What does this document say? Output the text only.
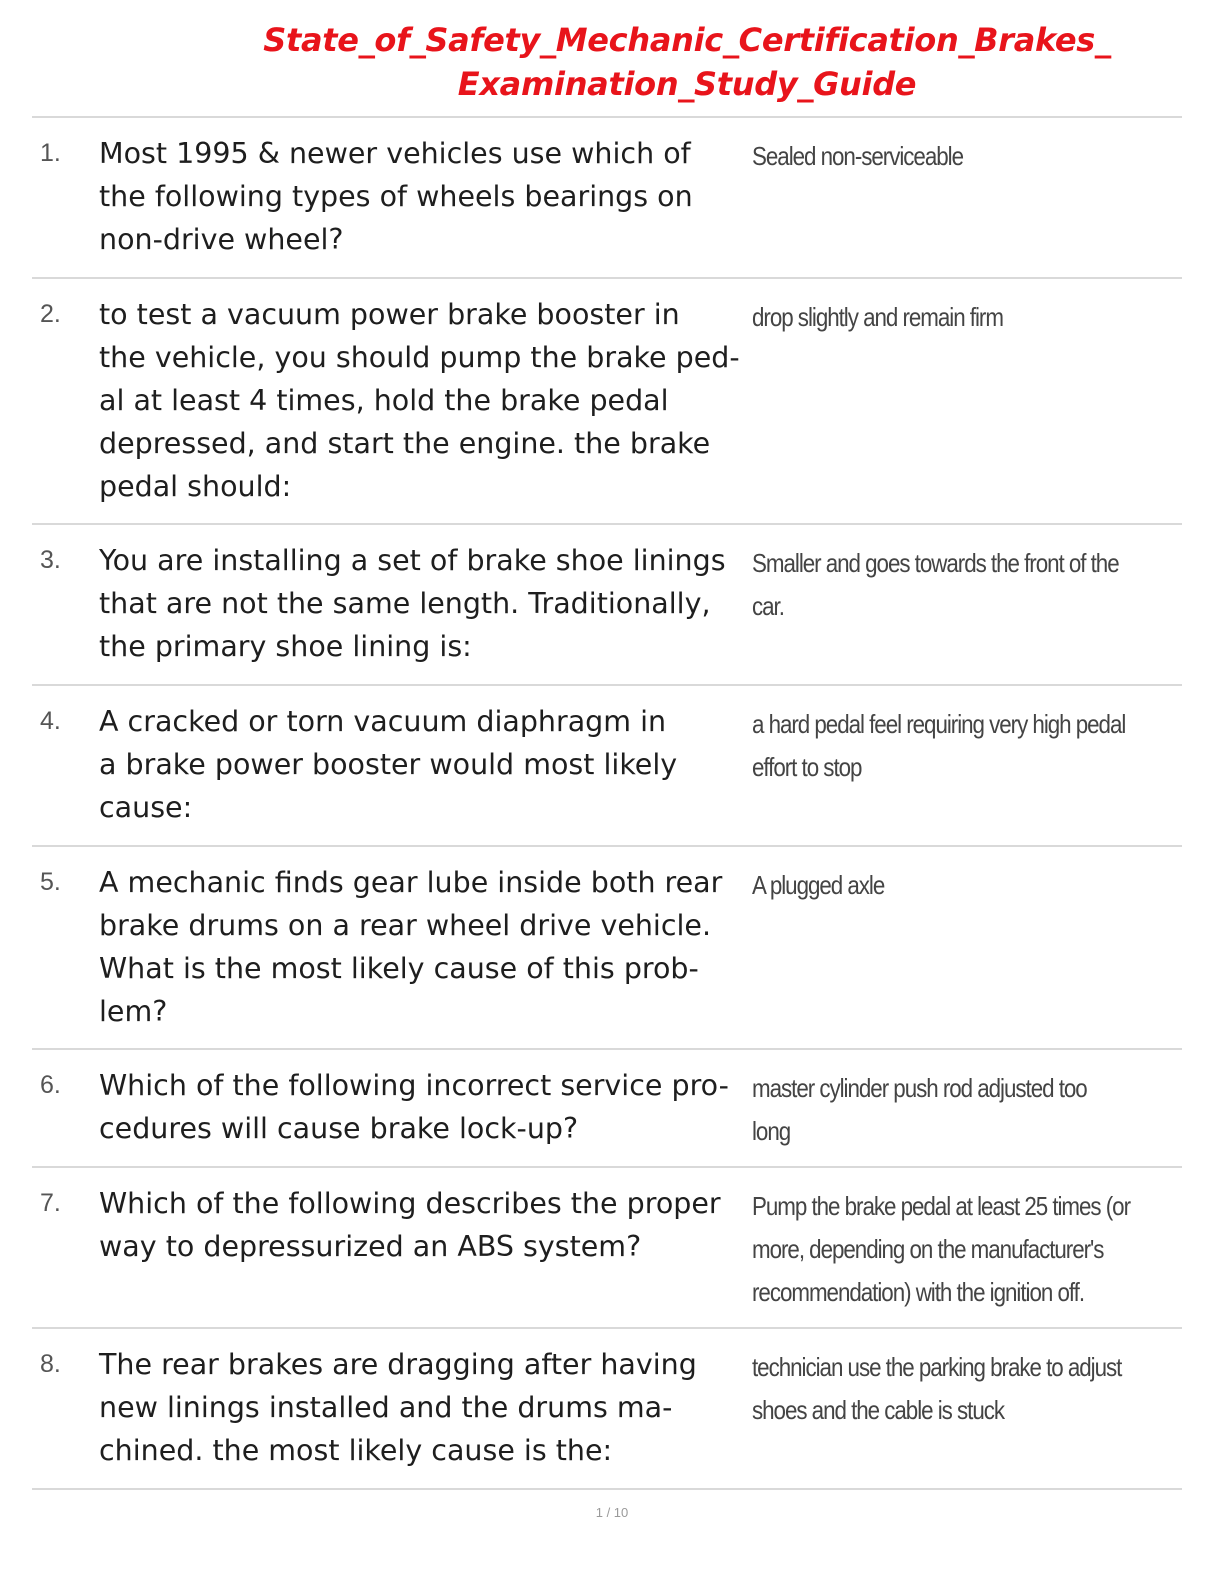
State_of_Safety_Mechanic_Certification_Brakes_
Examination_Study_Guide
1. Most 1995 & newer vehicles use which of
the following types of wheels bearings on
non-drive wheel?
Sealed non-serviceable
2. to test a vacuum power brake booster in
the vehicle, you should pump the brake ped-
al at least 4 times, hold the brake pedal
depressed, and start the engine. the brake
pedal should:
drop slightly and remain firm
3. You are installing a set of brake shoe linings
that are not the same length. Traditionally,
the primary shoe lining is:
Smaller and goes towards the front of the
car.
4. A cracked or torn vacuum diaphragm in
a brake power booster would most likely
cause:
a hard pedal feel requiring very high pedal
effort to stop
5. A mechanic finds gear lube inside both rear
brake drums on a rear wheel drive vehicle.
What is the most likely cause of this prob-
lem?
A plugged axle
6. Which of the following incorrect service pro-
cedures will cause brake lock-up?
master cylinder push rod adjusted too
long
7. Which of the following describes the proper
way to depressurized an ABS system?
Pump the brake pedal at least 25 times (or
more, depending on the manufacturer's
recommendation) with the ignition off.
8. The rear brakes are dragging after having
new linings installed and the drums ma-
chined. the most likely cause is the:
technician use the parking brake to adjust
shoes and the cable is stuck
1 / 10
